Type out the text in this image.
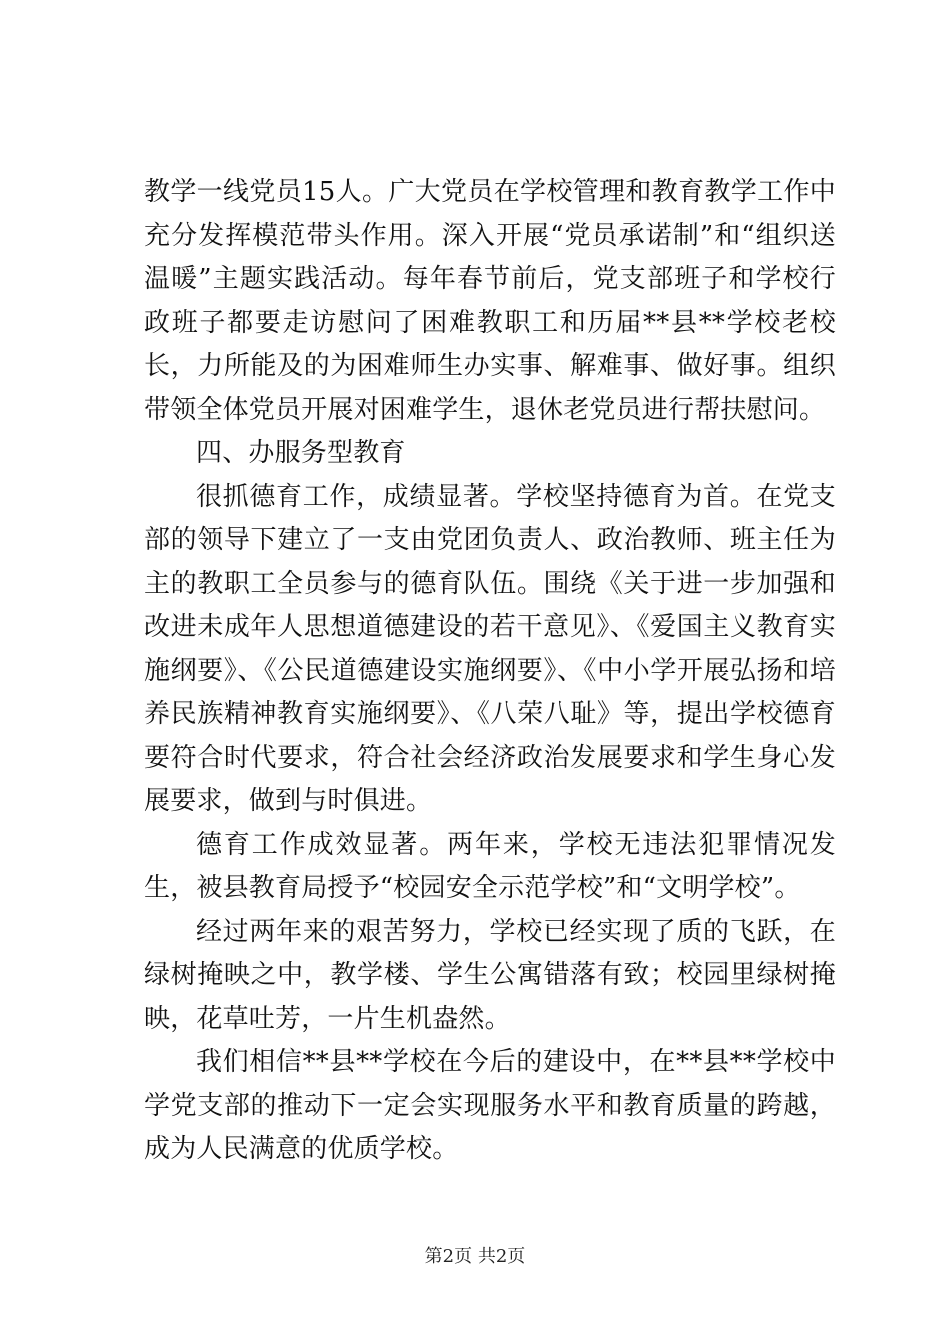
教学一线党员15人。广大党员在学校管理和教育教学工作中充分发挥模范带头作用。深入开展“党员承诺制”和“组织送温暖”主题实践活动。每年春节前后，党支部班子和学校行政班子都要走访慰问了困难教职工和历届**县**学校老校长，力所能及的为困难师生办实事、解难事、做好事。组织带领全体党员开展对困难学生，退休老党员进行帮扶慰问。

四、办服务型教育

很抓德育工作，成绩显著。学校坚持德育为首。在党支部的领导下建立了一支由党团负责人、政治教师、班主任为主的教职工全员参与的德育队伍。围绕《关于进一步加强和改进未成年人思想道德建设的若干意见》、《爱国主义教育实施纲要》、《公民道德建设实施纲要》、《中小学开展弘扬和培养民族精神教育实施纲要》、《八荣八耻》等，提出学校德育要符合时代要求，符合社会经济政治发展要求和学生身心发展要求，做到与时俱进。

德育工作成效显著。两年来，学校无违法犯罪情况发生，被县教育局授予“校园安全示范学校”和“文明学校”。

经过两年来的艰苦努力，学校已经实现了质的飞跃，在绿树掩映之中，教学楼、学生公寓错落有致；校园里绿树掩映，花草吐芳，一片生机盎然。

我们相信**县**学校在今后的建设中，在**县**学校中学党支部的推动下一定会实现服务水平和教育质量的跨越，成为人民满意的优质学校。

第2页 共2页
